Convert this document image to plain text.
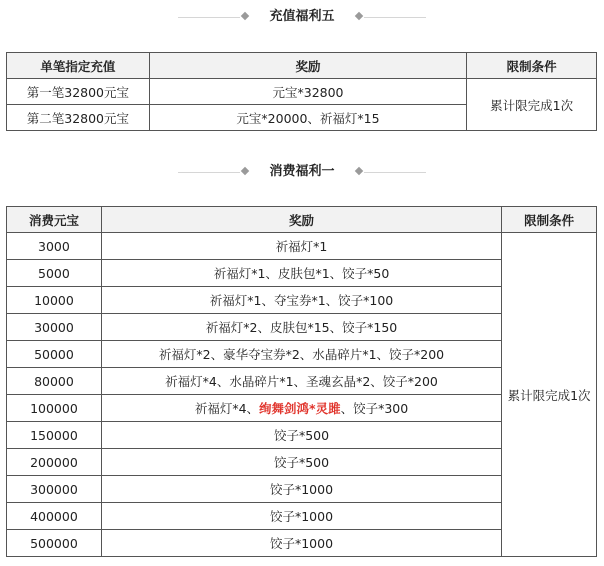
充值福利五
单笔指定充值	奖励	限制条件
第一笔32800元宝	元宝*32800	累计限完成1次
第二笔32800元宝	元宝*20000、祈福灯*15	
消费福利一
消费元宝	奖励	限制条件
3000	祈福灯*1	累计限完成1次
5000	祈福灯*1、皮肤包*1、饺子*50	
10000	祈福灯*1、夺宝券*1、饺子*100	
30000	祈福灯*2、皮肤包*15、饺子*150	
50000	祈福灯*2、豪华夺宝券*2、水晶碎片*1、饺子*200	
80000	祈福灯*4、水晶碎片*1、圣魂玄晶*2、饺子*200	
100000	祈福灯*4、绚舞剑鸿*灵雎、饺子*300	
150000	饺子*500	
200000	饺子*500	
300000	饺子*1000	
400000	饺子*1000	
500000	饺子*1000	
